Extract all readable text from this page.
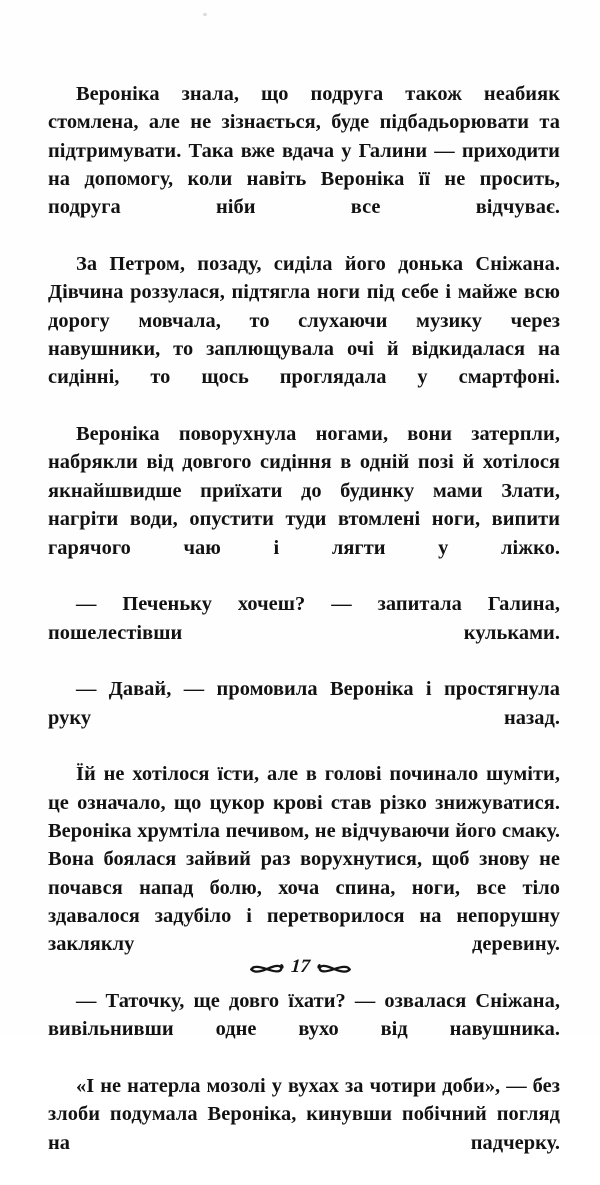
Вероніка знала, що подруга також неабияк стомлена, але не зізнається, буде підбадьорювати та підтримувати. Така вже вдача у Галини — приходити на допомогу, коли навіть Вероніка її не просить, подруга ніби все відчуває.

За Петром, позаду, сиділа його донька Сніжана. Дівчина роззулася, підтягла ноги під себе і майже всю дорогу мовчала, то слухаючи музику через навушники, то заплющувала очі й відкидалася на сидінні, то щось проглядала у смартфоні.

Вероніка поворухнула ногами, вони затерпли, набрякли від довгого сидіння в одній позі й хотілося якнайшвидше приїхати до будинку мами Злати, нагріти води, опустити туди втомлені ноги, випити гарячого чаю і лягти у ліжко.

— Печеньку хочеш? — запитала Галина, пошелестівши кульками.

— Давай, — промовила Вероніка і простягнула руку назад.

Їй не хотілося їсти, але в голові починало шуміти, це означало, що цукор крові став різко знижуватися. Вероніка хрумтіла печивом, не відчуваючи його смаку. Вона боялася зайвий раз ворухнутися, щоб знову не почався напад болю, хоча спина, ноги, все тіло здавалося задубіло і перетворилося на непорушну закляклу деревину.

— Таточку, ще довго їхати? — озвалася Сніжана, вивільнивши одне вухо від навушника.

«І не натерла мозолі у вухах за чотири доби», — без злоби подумала Вероніка, кинувши побічний погляд на падчерку.

17
